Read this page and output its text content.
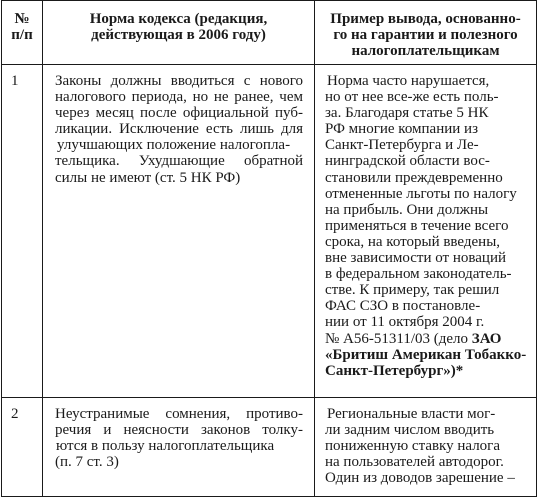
№
п/п
Норма кодекса (редакция,
действующая в 2006 году)
Пример вывода, основанно-
го на гарантии и полезного
налогоплательщикам
1 Законы должны вводиться с нового
налогового периода, но не ранее, чем
через месяц после официальной пуб-
ликации. Исключение есть лишь для
улучшающих положение налогопла-
тельщика. Ухудшающие обратной
силы не имеют (ст. 5 НК РФ)
Норма часто нарушается,
но от нее все-же есть поль-
за. Благодаря статье 5 НК
РФ многие компании из
Санкт-Петербурга и Ле-
нинградской области вос-
становили преждевременно
отмененные льготы по налогу
на прибыль. Они должны
применяться в течение всего
срока, на который введены,
вне зависимости от новаций
в федеральном законодатель-
стве. К примеру, так решил
ФАС СЗО в постановле-
нии от 11 октября 2004 г.
№ А56-51311/03 (дело ЗАО
«Бритиш Американ Тобакко-
Санкт-Петербург»)*
2 Неустранимые сомнения, противо-
речия и неясности законов толку-
ются в пользу налогоплательщика
(п. 7 ст. 3)
Региональные власти мог-
ли задним числом вводить
пониженную ставку налога
на пользователей автодорог.
Один из доводов зарешение –
